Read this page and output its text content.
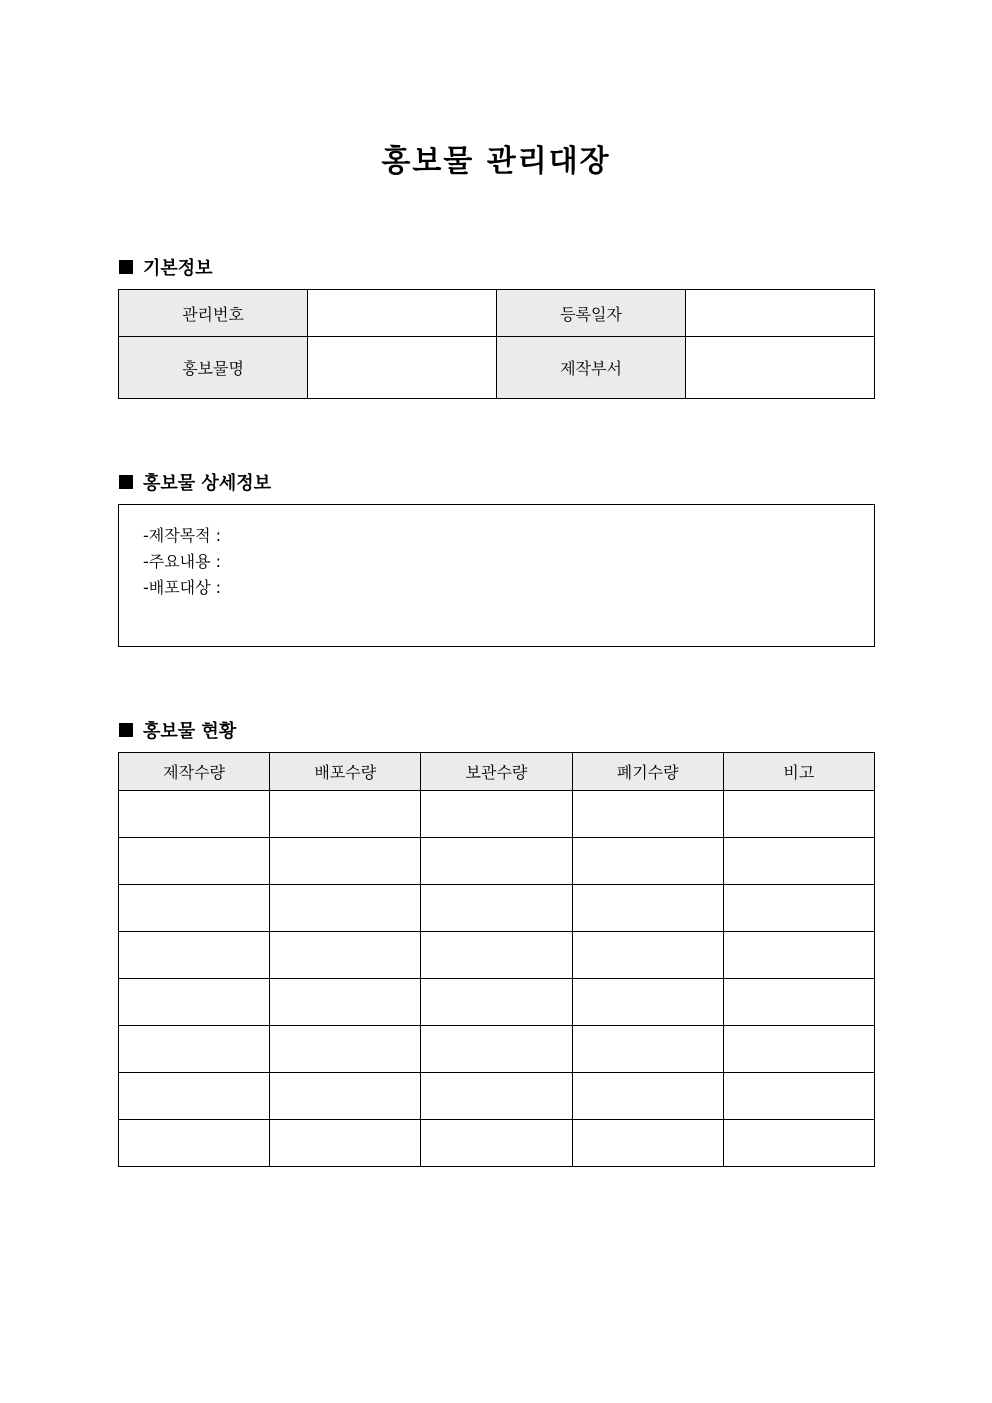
홍보물 관리대장
기본정보
관리번호		등록일자	
홍보물명		제작부서	
홍보물 상세정보
-제작목적 :
-주요내용 :
-배포대상 :
홍보물 현황
제작수량	배포수량	보관수량	폐기수량	비고
